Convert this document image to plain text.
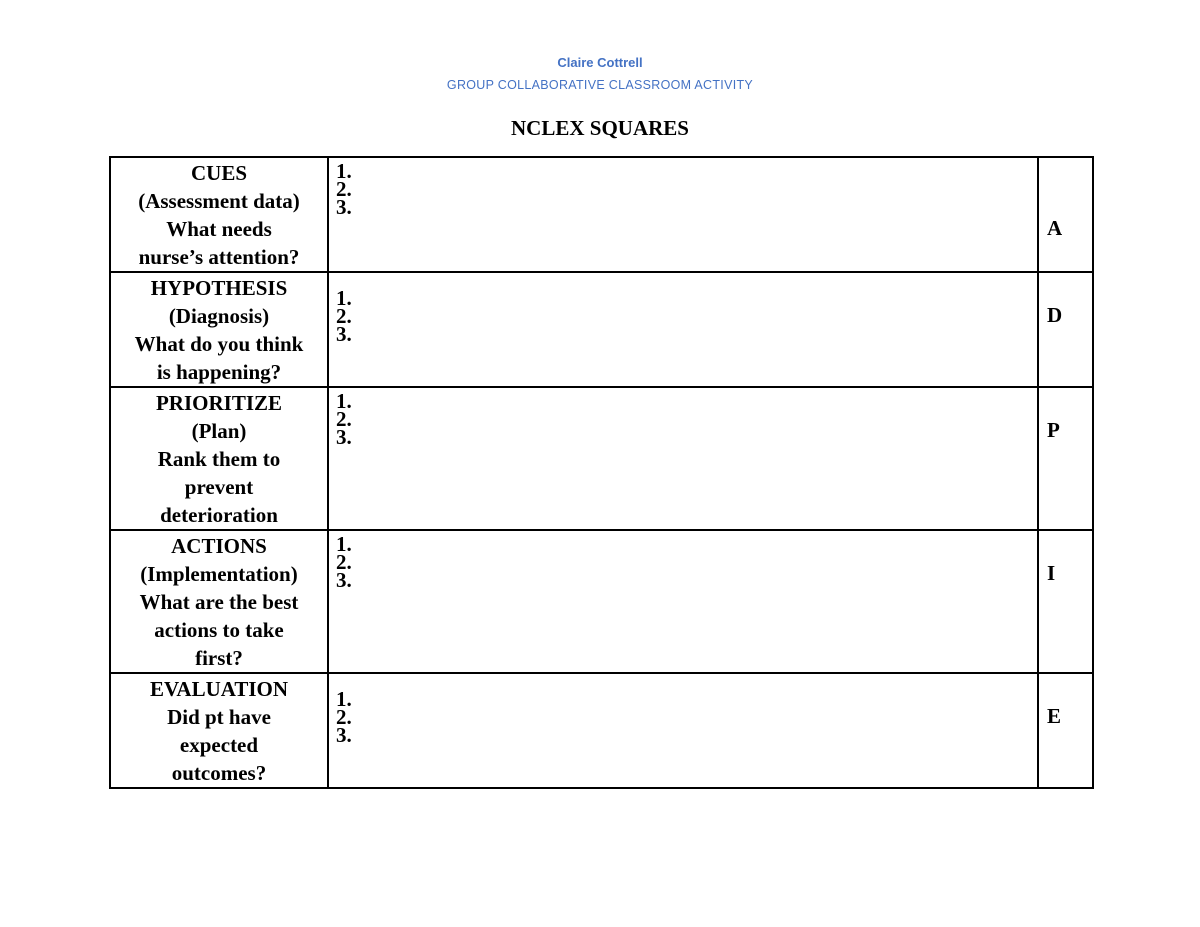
Claire Cottrell
GROUP COLLABORATIVE CLASSROOM ACTIVITY
NCLEX SQUARES
CUES
(Assessment data)
What needs
nurse’s attention?	1.
2.
3.	A

HYPOTHESIS
(Diagnosis)
What do you think
is happening?	1.
2.
3.	D

PRIORITIZE
(Plan)
Rank them to
prevent
deterioration	1.
2.
3.	P

ACTIONS
(Implementation)
What are the best
actions to take
first?	1.
2.
3.	I

EVALUATION
Did pt have
expected
outcomes?	1.
2.
3.	E
